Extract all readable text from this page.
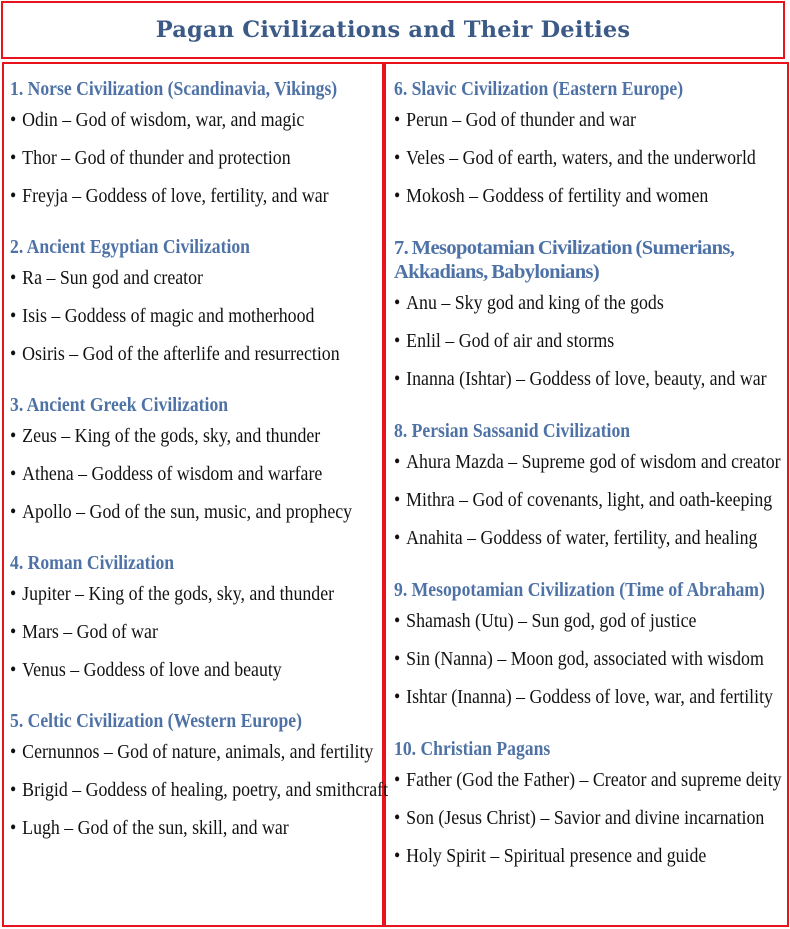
Pagan Civilizations and Their Deities
1. Norse Civilization (Scandinavia, Vikings)
• Odin – God of wisdom, war, and magic
• Thor – God of thunder and protection
• Freyja – Goddess of love, fertility, and war
2. Ancient Egyptian Civilization
• Ra – Sun god and creator
• Isis – Goddess of magic and motherhood
• Osiris – God of the afterlife and resurrection
3. Ancient Greek Civilization
• Zeus – King of the gods, sky, and thunder
• Athena – Goddess of wisdom and warfare
• Apollo – God of the sun, music, and prophecy
4. Roman Civilization
• Jupiter – King of the gods, sky, and thunder
• Mars – God of war
• Venus – Goddess of love and beauty
5. Celtic Civilization (Western Europe)
• Cernunnos – God of nature, animals, and fertility
• Brigid – Goddess of healing, poetry, and smithcraft
• Lugh – God of the sun, skill, and war
6. Slavic Civilization (Eastern Europe)
• Perun – God of thunder and war
• Veles – God of earth, waters, and the underworld
• Mokosh – Goddess of fertility and women
7. Mesopotamian Civilization (Sumerians, Akkadians, Babylonians)
• Anu – Sky god and king of the gods
• Enlil – God of air and storms
• Inanna (Ishtar) – Goddess of love, beauty, and war
8. Persian Sassanid Civilization
• Ahura Mazda – Supreme god of wisdom and creator
• Mithra – God of covenants, light, and oath-keeping
• Anahita – Goddess of water, fertility, and healing
9. Mesopotamian Civilization (Time of Abraham)
• Shamash (Utu) – Sun god, god of justice
• Sin (Nanna) – Moon god, associated with wisdom
• Ishtar (Inanna) – Goddess of love, war, and fertility
10. Christian Pagans
• Father (God the Father) – Creator and supreme deity
• Son (Jesus Christ) – Savior and divine incarnation
• Holy Spirit – Spiritual presence and guide
